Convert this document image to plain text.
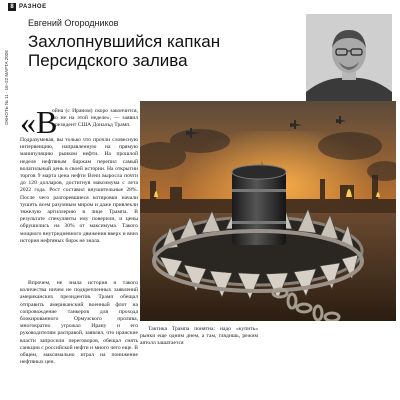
8 РАЗНОЕ
ОКНОТЬ № 11 · 16–22 МАРТА 2026
Евгений Огородников
Захлопнувшийся капкан
Персидского залива
«В
ойна (с Ираном) скоро закончится, но не на этой неделе», — заявил президент США Дональд Трамп.
Подразумевая, вы только что прочли словесную интервенцию, направленную на прямую манипуляцию рынком нефти. На прошлой неделе нефтяным биржам перепил самый волатильный день в своей истории. На открытии торгов 9 марта цена нефти Brent выросла почти до 120 долларов, достигнув максимума с лета 2022 года. Рост составил внушительные 28%. После чего разгоревшиеся котировки начали тушить всем разумным миром и даже привлекли тяжелую артиллерию в лице Трампа. В результате спекулянты ему поверили, и цены обрушились на 30% от максимума. Такого мощного внутридневного движения вверх и вниз история нефтяных бирж не знала.
Впрочем, не знала история и такого количества ничем не подкрепленных заявлений американских президентов. Трамп обещал отправить американский военный флот на сопровождение танкеров для прохода блокированного Ормузского пролива, многократно угрожал Ирану и его руководителям расправой, заявлял, что иранские власти запросили переговоров, обещал снять санкции с российской нефти и много чего еще. В общем, максимально играл на понижение нефтяных цен.
Тактика Трампа понятна: надо «купить» рынки еще одним днем, а там, глядишь, режим аятолл зашатается
